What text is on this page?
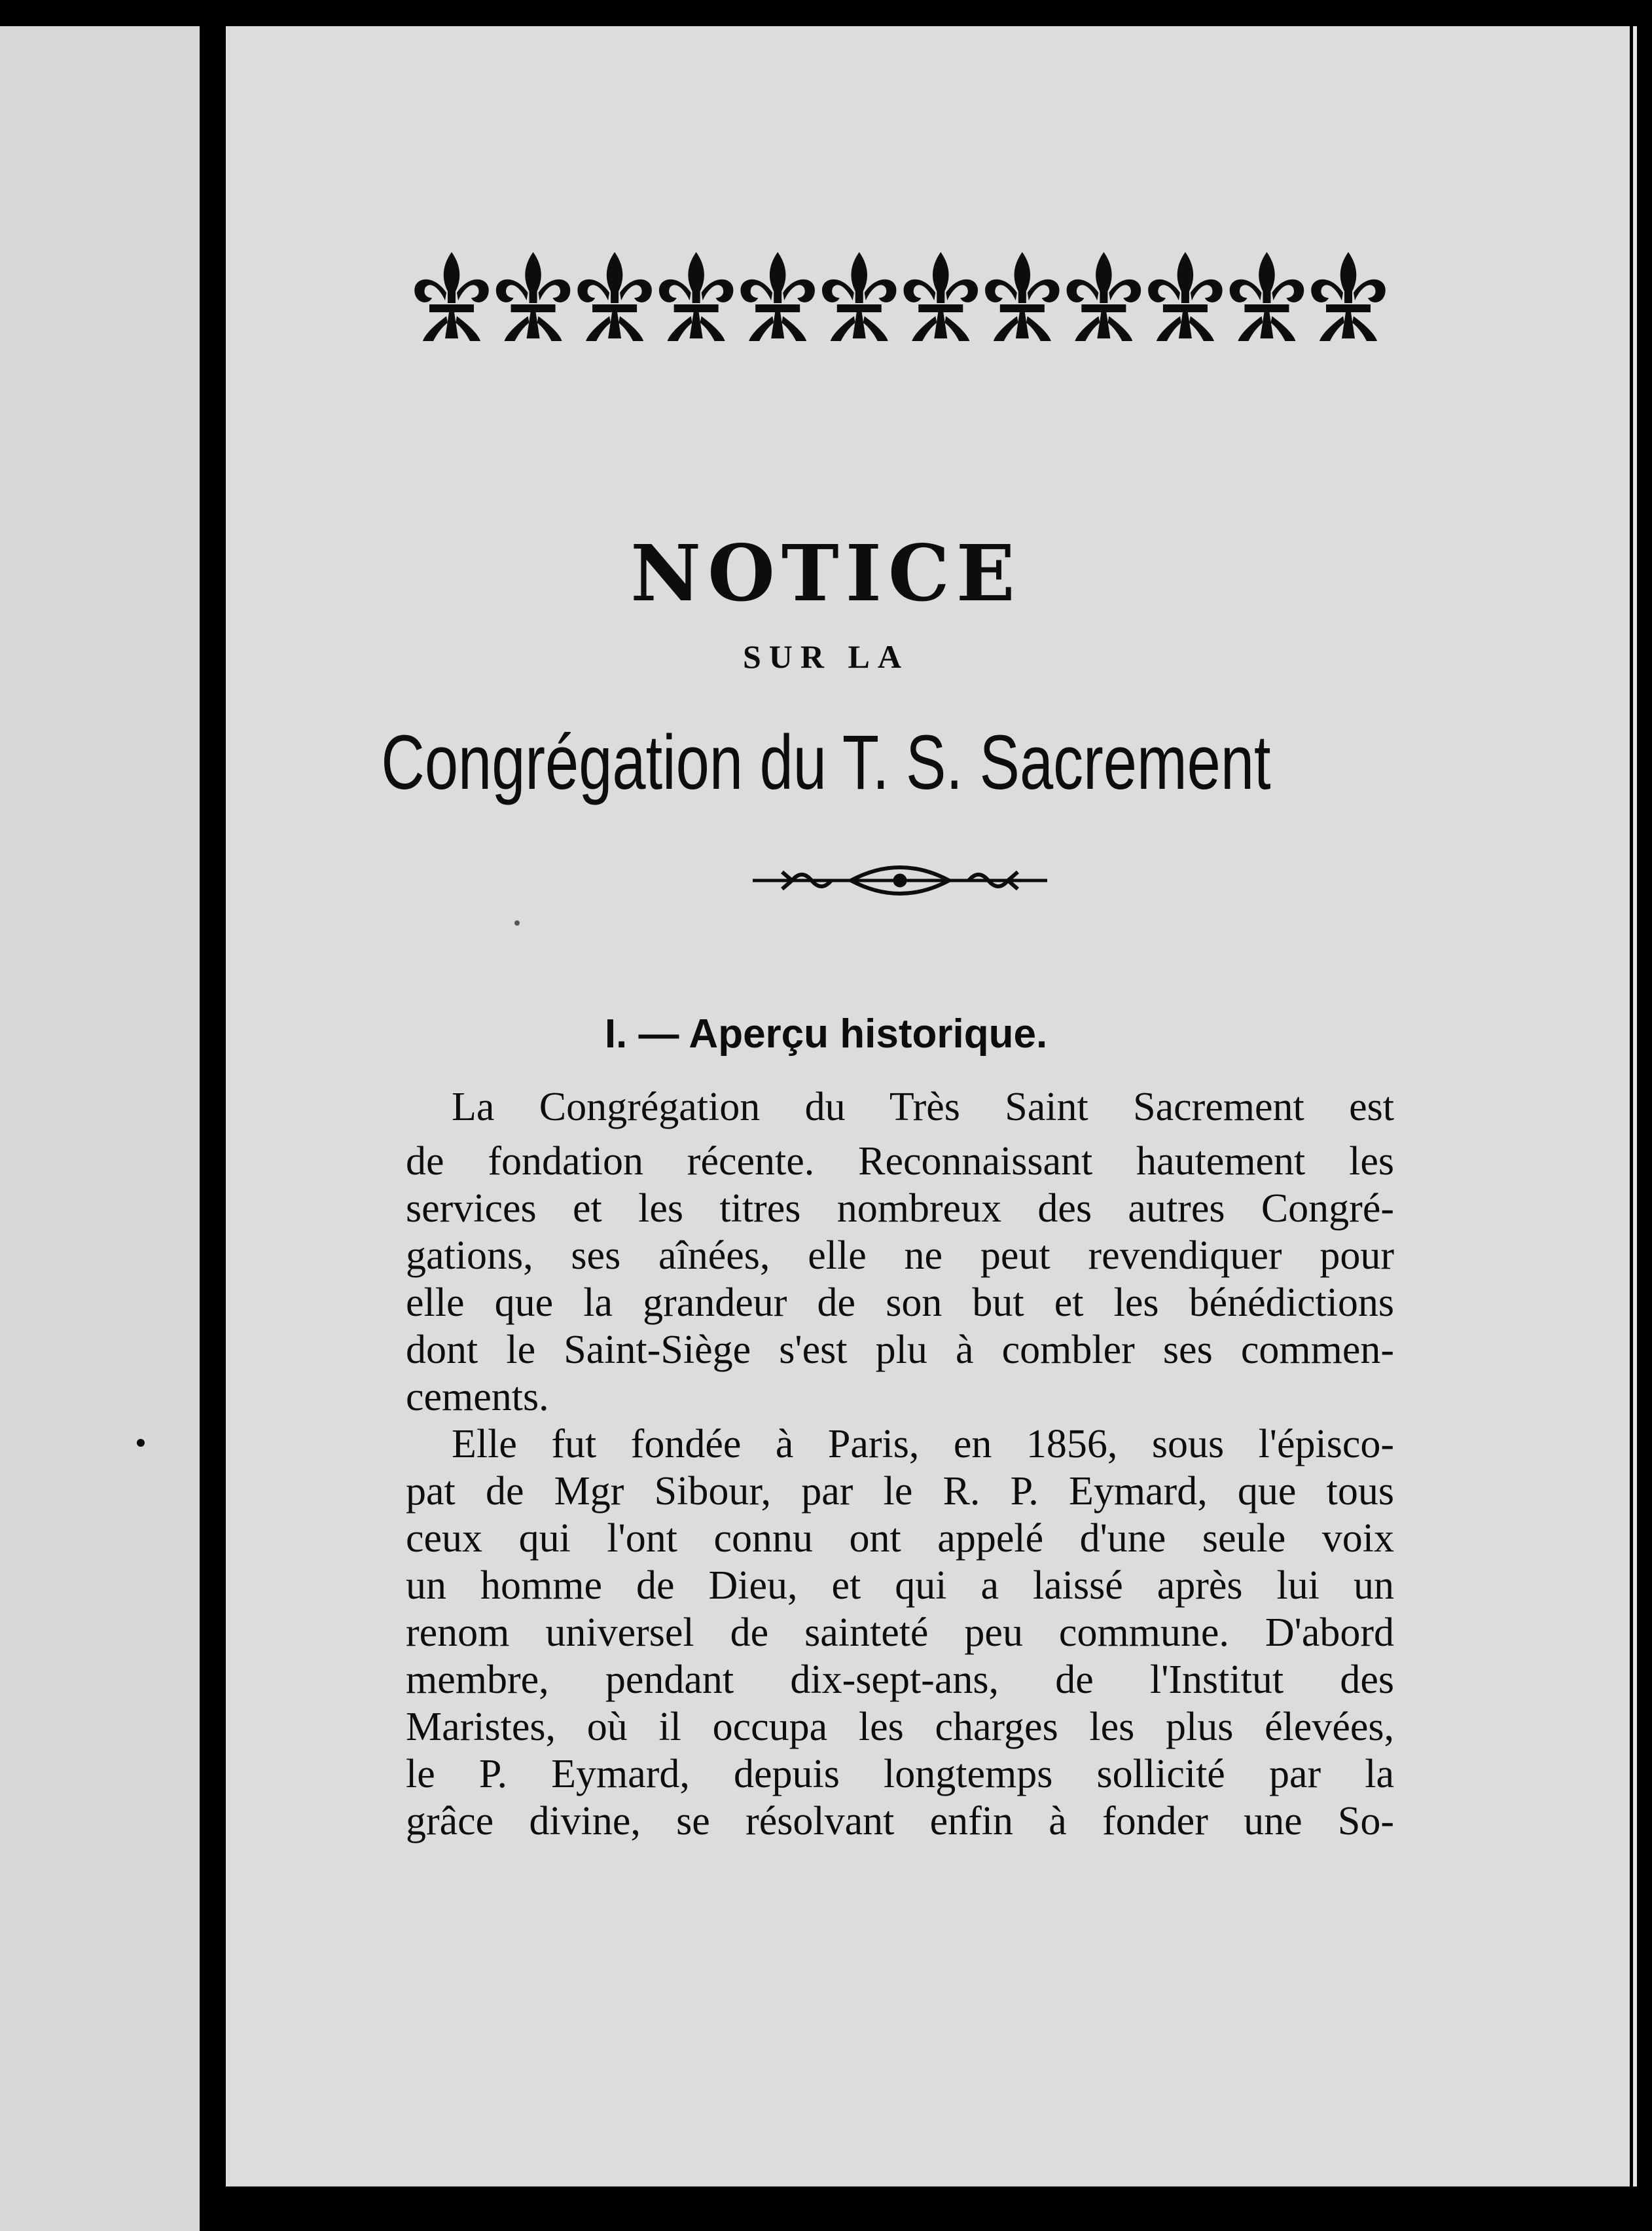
NOTICE
SUR LA
Congrégation du T. S. Sacrement
I. — Aperçu historique.
La Congrégation du Très Saint Sacrement est
de fondation récente. Reconnaissant hautement les
services et les titres nombreux des autres Congré-
gations, ses aînées, elle ne peut revendiquer pour
elle que la grandeur de son but et les bénédictions
dont le Saint-Siège s'est plu à combler ses commen-
cements.
Elle fut fondée à Paris, en 1856, sous l'épisco-
pat de Mgr Sibour, par le R. P. Eymard, que tous
ceux qui l'ont connu ont appelé d'une seule voix
un homme de Dieu, et qui a laissé après lui un
renom universel de sainteté peu commune. D'abord
membre, pendant dix-sept-ans, de l'Institut des
Maristes, où il occupa les charges les plus élevées,
le P. Eymard, depuis longtemps sollicité par la
grâce divine, se résolvant enfin à fonder une So-
